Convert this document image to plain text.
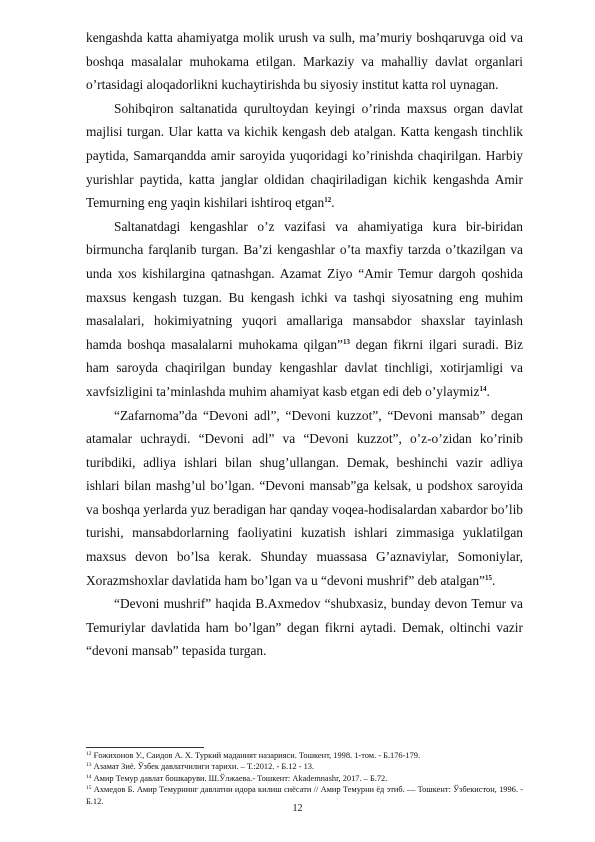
kengashda katta ahamiyatga molik urush va sulh, ma’muriy boshqaruvga oid va boshqa masalalar muhokama etilgan. Markaziy va mahalliy davlat organlari o’rtasidagi aloqadorlikni kuchaytirishda bu siyosiy institut katta rol uynagan.

Sohibqiron saltanatida qurultoydan keyingi o’rinda maxsus organ davlat majlisi turgan. Ular katta va kichik kengash deb atalgan. Katta kengash tinchlik paytida, Samarqandda amir saroyida yuqoridagi ko’rinishda chaqirilgan. Harbiy yurishlar paytida, katta janglar oldidan chaqiriladigan kichik kengashda Amir Temurning eng yaqin kishilari ishtiroq etgan$^{12}$.

Saltanatdagi kengashlar o’z vazifasi va ahamiyatiga kura bir-biridan birmuncha farqlanib turgan. Ba’zi kengashlar o’ta maxfiy tarzda o’tkazilgan va unda xos kishilargina qatnashgan. Azamat Ziyo “Amir Temur dargoh qoshida maxsus kengash tuzgan. Bu kengash ichki va tashqi siyosatning eng muhim masalalari, hokimiyatning yuqori amallariga mansabdor shaxslar tayinlash hamda boshqa masalalarni muhokama qilgan”$^{13}$ degan fikrni ilgari suradi. Biz ham saroyda chaqirilgan bunday kengashlar davlat tinchligi, xotirjamligi va xavfsizligini ta’minlashda muhim ahamiyat kasb etgan edi deb o’ylaymiz$^{14}$.

“Zafarnoma”da “Devoni adl”, “Devoni kuzzot”, “Devoni mansab” degan atamalar uchraydi. “Devoni adl” va “Devoni kuzzot”, o’z-o’zidan ko’rinib turibdiki, adliya ishlari bilan shug’ullangan. Demak, beshinchi vazir adliya ishlari bilan mashg’ul bo’lgan. “Devoni mansab”ga kelsak, u podshox saroyida va boshqa yerlarda yuz beradigan har qanday voqea-hodisalardan xabardor bo’lib turishi, mansabdorlarning faoliyatini kuzatish ishlari zimmasiga yuklatilgan maxsus devon bo’lsa kerak. Shunday muassasa G’aznaviylar, Somoniylar, Xorazmshoxlar davlatida ham bo’lgan va u “devoni mushrif” deb atalgan”$^{15}$.

“Devoni mushrif” haqida B.Axmedov “shubxasiz, bunday devon Temur va Temuriylar davlatida ham bo’lgan” degan fikrni aytadi. Demak, oltinchi vazir “devoni mansab” tepasida turgan.

$^{12}$ Ғожихонов У., Саидов А. Х. Туркий маданият назарияси. Тошкент, 1998. 1-том. - Б.176-179.

$^{13}$ Азамат Зиё. Ўзбек давлатчилиги тарихи. – Т.:2012. - Б.12 - 13.

$^{14}$ Амир Темур давлат бошкаруви. Ш.Ўлжаева.- Тошкент: Akademnashr, 2017. – Б.72.

$^{15}$ Ахмедов Б. Амир Темурнинг давлатни идора килиш сиёсати // Амир Темурни ёд этиб. — Тошкент: Ўзбекистон, 1996. - Б.12.

12
